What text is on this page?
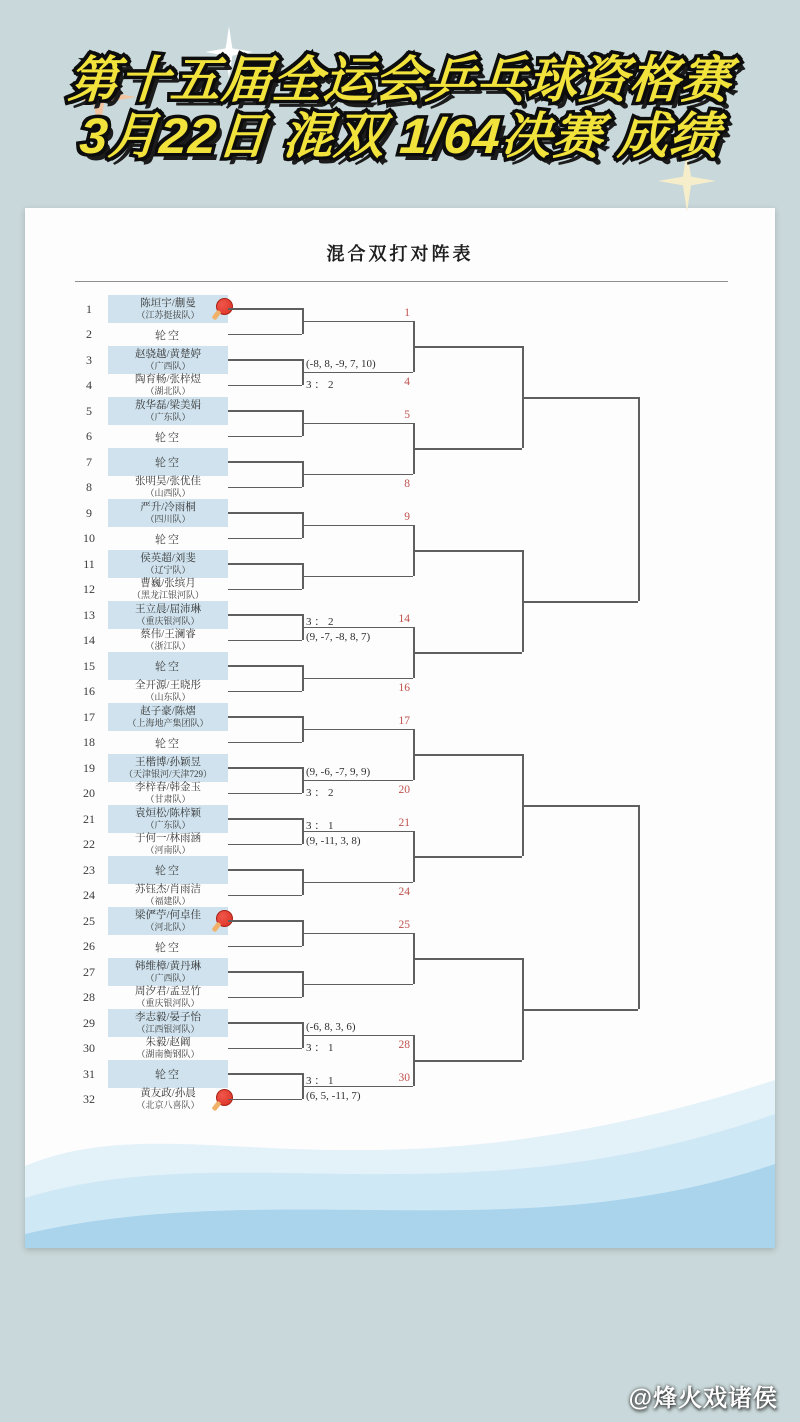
第十五届全运会乒乓球资格赛
3月22日 混双 1/64决赛 成绩
混合双打对阵表
1	陈垣宇/蒯曼
（江苏挺拔队）
2	轮空
3	赵骁越/黄楚婷
（广西队）
4	陶育畅/张梓煜
（湖北队）
5	敖华磊/梁美娟
（广东队）
6	轮空
7	轮空
8	张明昊/张优佳
（山西队）
9	严升/冷雨桐
（四川队）
10	轮空
11	侯英超/刘斐
（辽宁队）
12	曹巍/张缤月
（黑龙江银河队）
13	王立晨/屈沛琳
（重庆银河队）
14	蔡伟/王澜睿
（浙江队）
15	轮空
16	全开源/王晓彤
（山东队）
17	赵子豪/陈熠
（上海地产集团队）
18	轮空
19	王楷博/孙颖昱
（天津银河/天津729）
20	李梓春/韩金玉
（甘肃队）
21	袁烜松/陈梓颖
（广东队）
22	于何一/林雨涵
（河南队）
23	轮空
24	苏钰杰/肖雨洁
（福建队）
25	梁俨苧/何卓佳
（河北队）
26	轮空
27	韩维樟/黄丹琳
（广西队）
28	周汐君/孟昱竹
（重庆银河队）
29	李志毅/晏子怡
（江西银河队）
30	朱毅/赵阚
（湖南衡钢队）
31	轮空
32	黄友政/孙晨
（北京八喜队）
1
(-8, 8, -9, 7, 10)
3 ： 2	4
5
8
9
3 ： 2
(9, -7, -8, 8, 7)
14
16
17
(9, -6, -7, 9, 9)
3 ： 2	20
3 ： 1
(9, -11, 3, 8)
21
24
25
(-6, 8, 3, 6)
3 ： 1	28
3 ： 1
(6, 5, -11, 7)
30
@烽火戏诸侯
